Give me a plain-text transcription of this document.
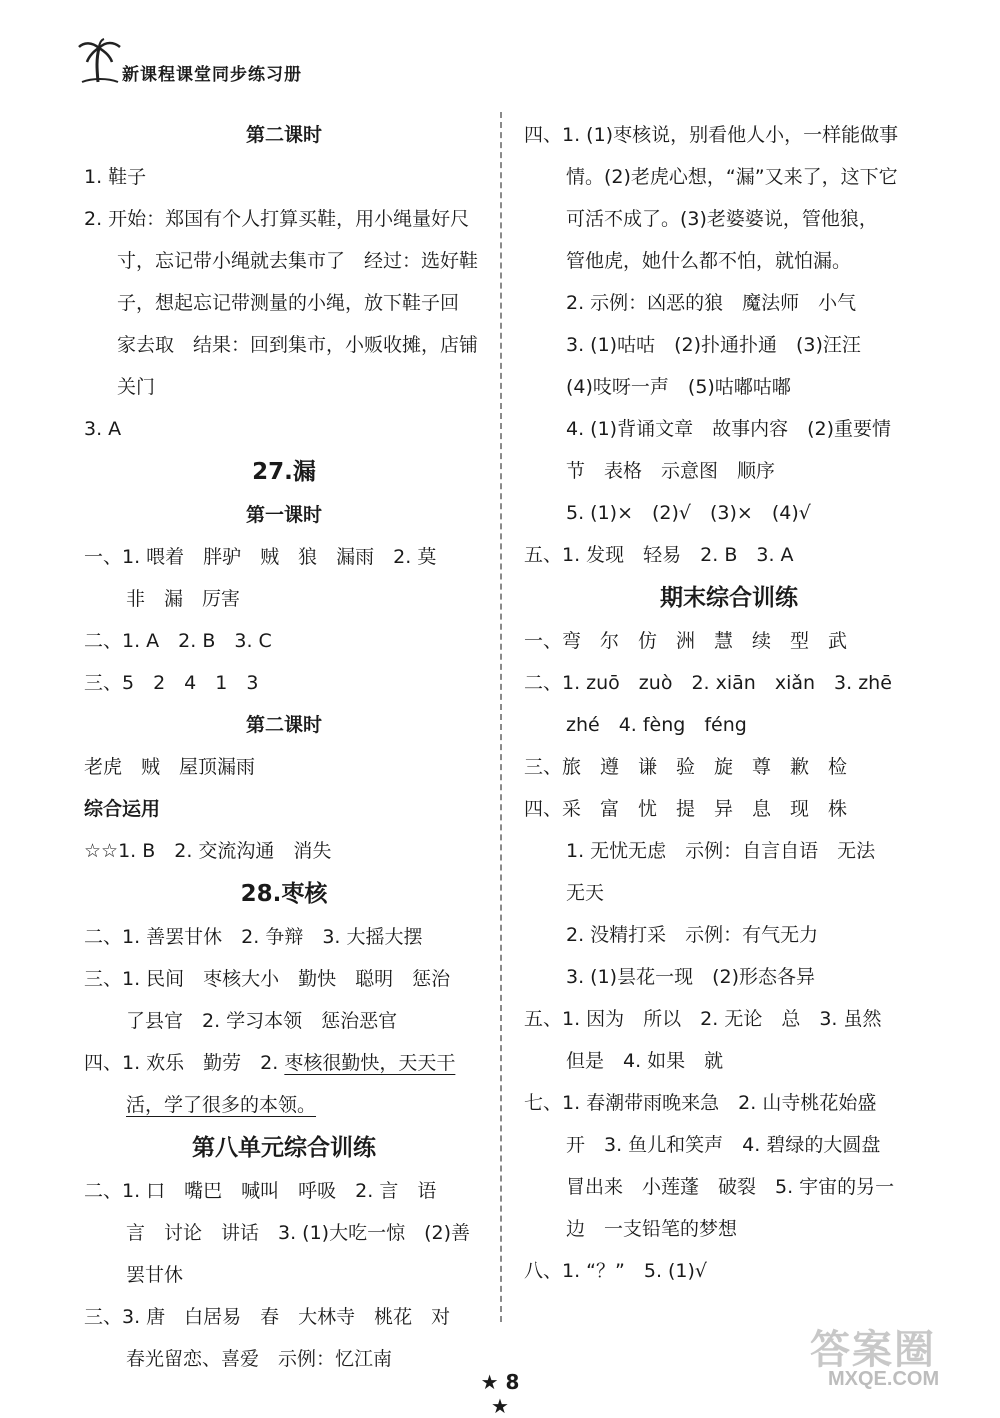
新课程课堂同步练习册
第二课时
1. 鞋子
2. 开始：郑国有个人打算买鞋，用小绳量好尺
寸，忘记带小绳就去集市了　经过：选好鞋
子，想起忘记带测量的小绳，放下鞋子回
家去取　结果：回到集市，小贩收摊，店铺
关门
3. A
27.漏
第一课时
一、1. 喂着　胖驴　贼　狼　漏雨　2. 莫
非　漏　厉害
二、1. A　2. B　3. C
三、5　2　4　1　3
第二课时
老虎　贼　屋顶漏雨
综合运用
☆☆1. B　2. 交流沟通　消失
28.枣核
二、1. 善罢甘休　2. 争辩　3. 大摇大摆
三、1. 民间　枣核大小　勤快　聪明　惩治
了县官　2. 学习本领　惩治恶官
四、1. 欢乐　勤劳　2. 枣核很勤快，天天干
活，学了很多的本领。
第八单元综合训练
二、1. 口　嘴巴　喊叫　呼吸　2. 言　语
言　讨论　讲话　3. (1)大吃一惊　(2)善
罢甘休
三、3. 唐　白居易　春　大林寺　桃花　对
春光留恋、喜爱　示例：忆江南
四、1. (1)枣核说，别看他人小，一样能做事
情。(2)老虎心想，“漏”又来了，这下它
可活不成了。(3)老婆婆说，管他狼，
管他虎，她什么都不怕，就怕漏。
2. 示例：凶恶的狼　魔法师　小气
3. (1)咕咕　(2)扑通扑通　(3)汪汪
(4)吱呀一声　(5)咕嘟咕嘟
4. (1)背诵文章　故事内容　(2)重要情
节　表格　示意图　顺序
5. (1)×　(2)√　(3)×　(4)√
五、1. 发现　轻易　2. B　3. A
期末综合训练
一、弯　尔　仿　洲　慧　续　型　武
二、1. zuō　zuò　2. xiān　xiǎn　3. zhē
zhé　4. fèng　féng
三、旅　遵　谦　验　旋　尊　歉　检
四、采　富　忧　提　异　息　现　株
1. 无忧无虑　示例：自言自语　无法
无天
2. 没精打采　示例：有气无力
3. (1)昙花一现　(2)形态各异
五、1. 因为　所以　2. 无论　总　3. 虽然
但是　4. 如果　就
七、1. 春潮带雨晚来急　2. 山寺桃花始盛
开　3. 鱼儿和笑声　4. 碧绿的大圆盘
冒出来　小莲蓬　破裂　5. 宇宙的另一
边　一支铅笔的梦想
八、1. “？”　5. (1)√
★ 8 ★
答案圈
MXQE.COM
